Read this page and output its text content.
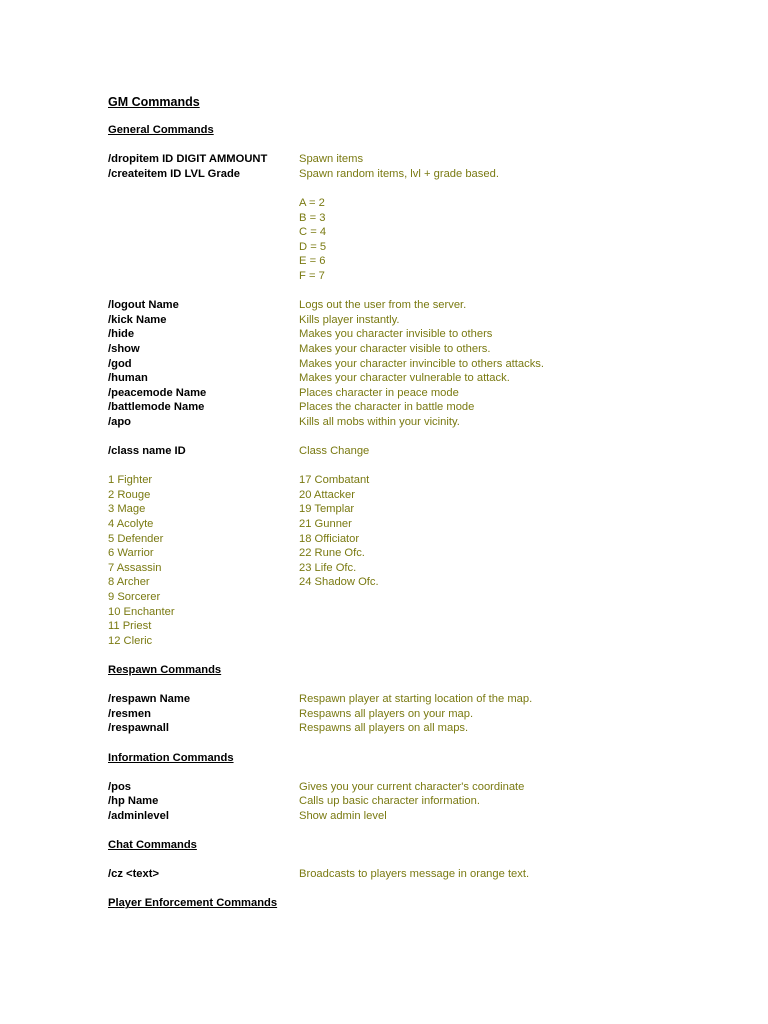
GM Commands
General Commands
/dropitem ID DIGIT AMMOUNT	Spawn items
/createitem ID LVL Grade	Spawn random items, lvl + grade based.
A = 2
B = 3
C = 4
D = 5
E = 6
F = 7
/logout Name	Logs out the user from the server.
/kick Name	Kills player instantly.
/hide	Makes you character invisible to others
/show	Makes your character visible to others.
/god	Makes your character invincible to others attacks.
/human	Makes your character vulnerable to attack.
/peacemode Name	Places character in peace mode
/battlemode Name	Places the character in battle mode
/apo	Kills all mobs within your vicinity.
/class name ID	Class Change
1 Fighter	17 Combatant
2 Rouge	20 Attacker
3 Mage	19 Templar
4 Acolyte	21 Gunner
5 Defender	18 Officiator
6 Warrior	22 Rune Ofc.
7 Assassin	23 Life Ofc.
8 Archer	24 Shadow Ofc.
9 Sorcerer
10 Enchanter
11 Priest
12 Cleric
Respawn Commands
/respawn Name	Respawn player at starting location of the map.
/resmen	Respawns all players on your map.
/respawnall	Respawns all players on all maps.
Information Commands
/pos	Gives you your current character's coordinate
/hp Name	Calls up basic character information.
/adminlevel	Show admin level
Chat Commands
/cz <text>	Broadcasts to players message in orange text.
Player Enforcement Commands
